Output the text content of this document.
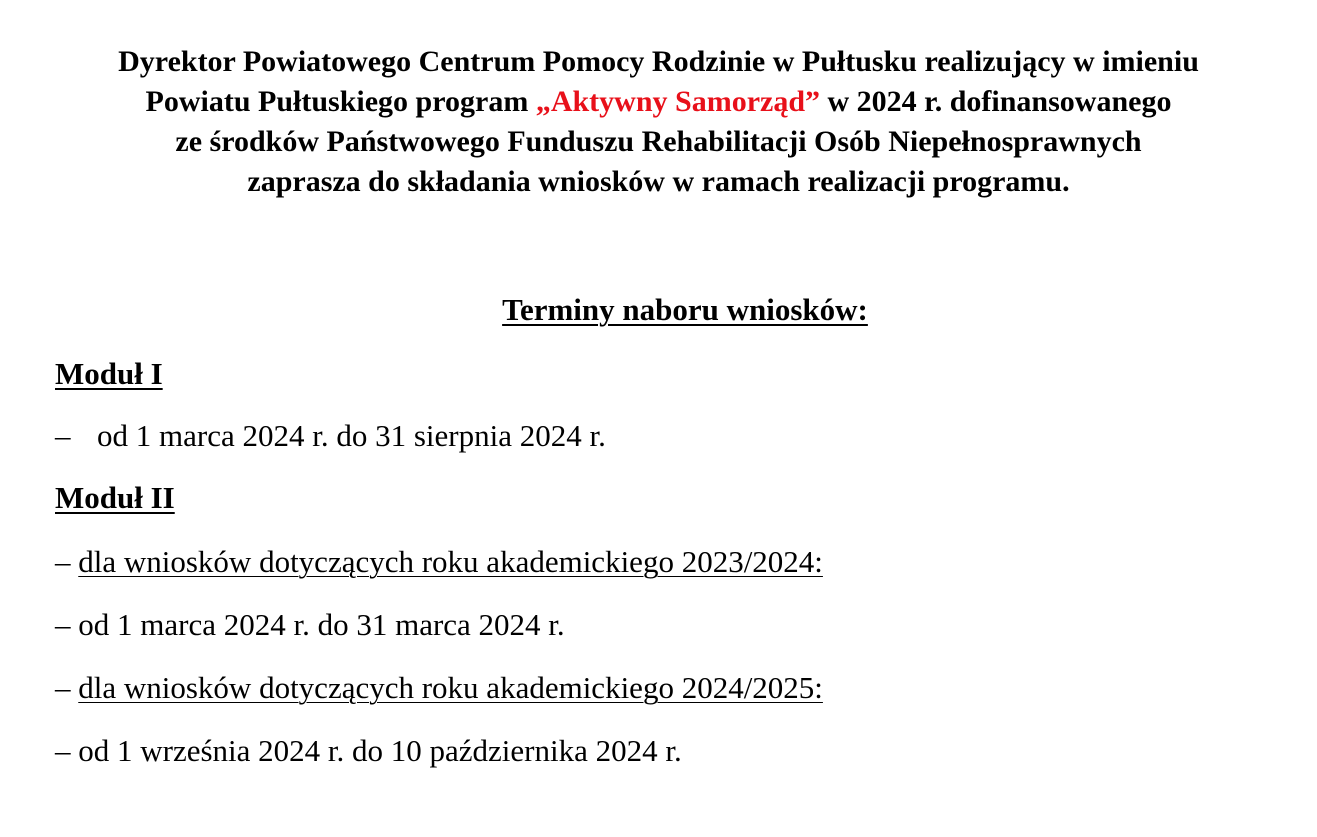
Dyrektor Powiatowego Centrum Pomocy Rodzinie w Pułtusku realizujący w imieniu
Powiatu Pułtuskiego program „Aktywny Samorząd” w 2024 r. dofinansowanego
ze środków Państwowego Funduszu Rehabilitacji Osób Niepełnosprawnych
zaprasza do składania wniosków w ramach realizacji programu.
Terminy naboru wniosków:
Moduł I
– od 1 marca 2024 r. do 31 sierpnia 2024 r.
Moduł II
– dla wniosków dotyczących roku akademickiego 2023/2024:
– od 1 marca 2024 r. do 31 marca 2024 r.
– dla wniosków dotyczących roku akademickiego 2024/2025:
– od 1 września 2024 r. do 10 października 2024 r.
